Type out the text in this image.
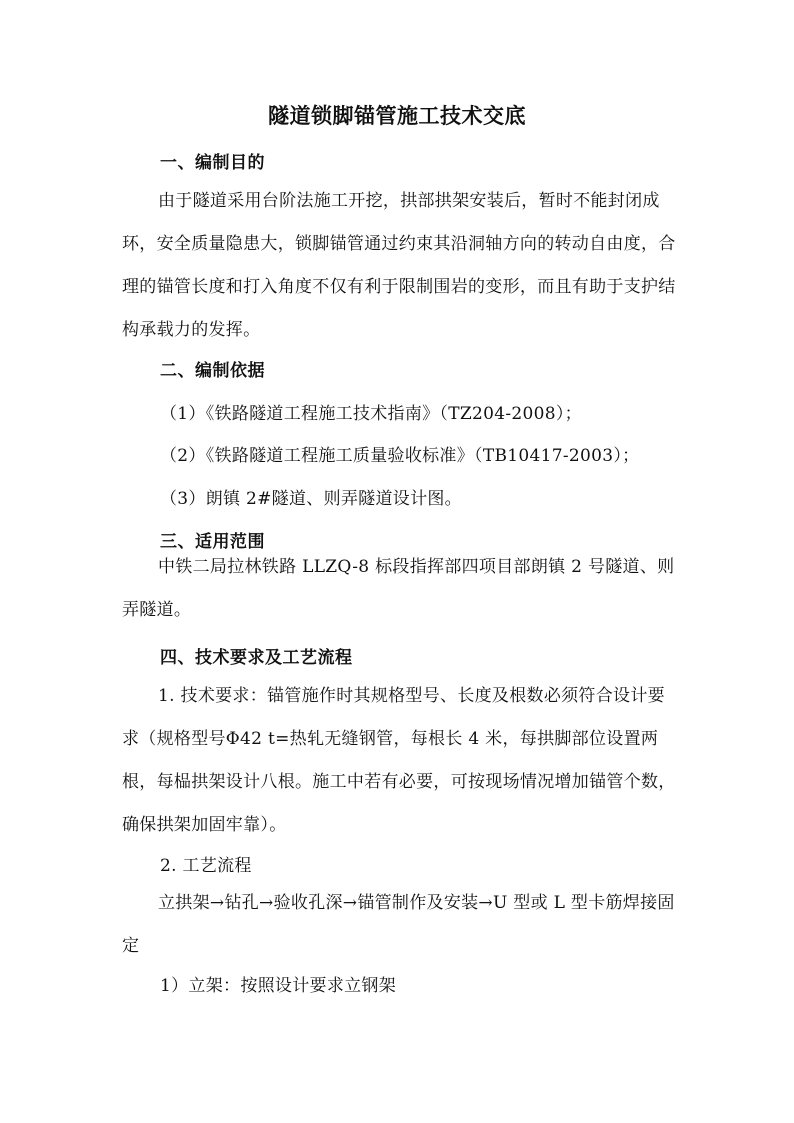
隧道锁脚锚管施工技术交底
一、编制目的

由于隧道采用台阶法施工开挖，拱部拱架安装后，暂时不能封闭成环，安全质量隐患大，锁脚锚管通过约束其沿洞轴方向的转动自由度，合理的锚管长度和打入角度不仅有利于限制围岩的变形，而且有助于支护结构承载力的发挥。

二、编制依据
（1）《铁路隧道工程施工技术指南》（TZ204-2008）；
（2）《铁路隧道工程施工质量验收标准》（TB10417-2003）；
（3）朗镇 2#隧道、则弄隧道设计图。
三、适用范围

中铁二局拉林铁路 LLZQ-8 标段指挥部四项目部朗镇 2 号隧道、则弄隧道。

四、技术要求及工艺流程

1. 技术要求：锚管施作时其规格型号、长度及根数必须符合设计要求（规格型号Φ42 t=热轧无缝钢管，每根长 4 米，每拱脚部位设置两根，每榀拱架设计八根。施工中若有必要，可按现场情况增加锚管个数，确保拱架加固牢靠）。

2. 工艺流程

立拱架→钻孔→验收孔深→锚管制作及安装→U 型或 L 型卡筋焊接固定

1）立架：按照设计要求立钢架
